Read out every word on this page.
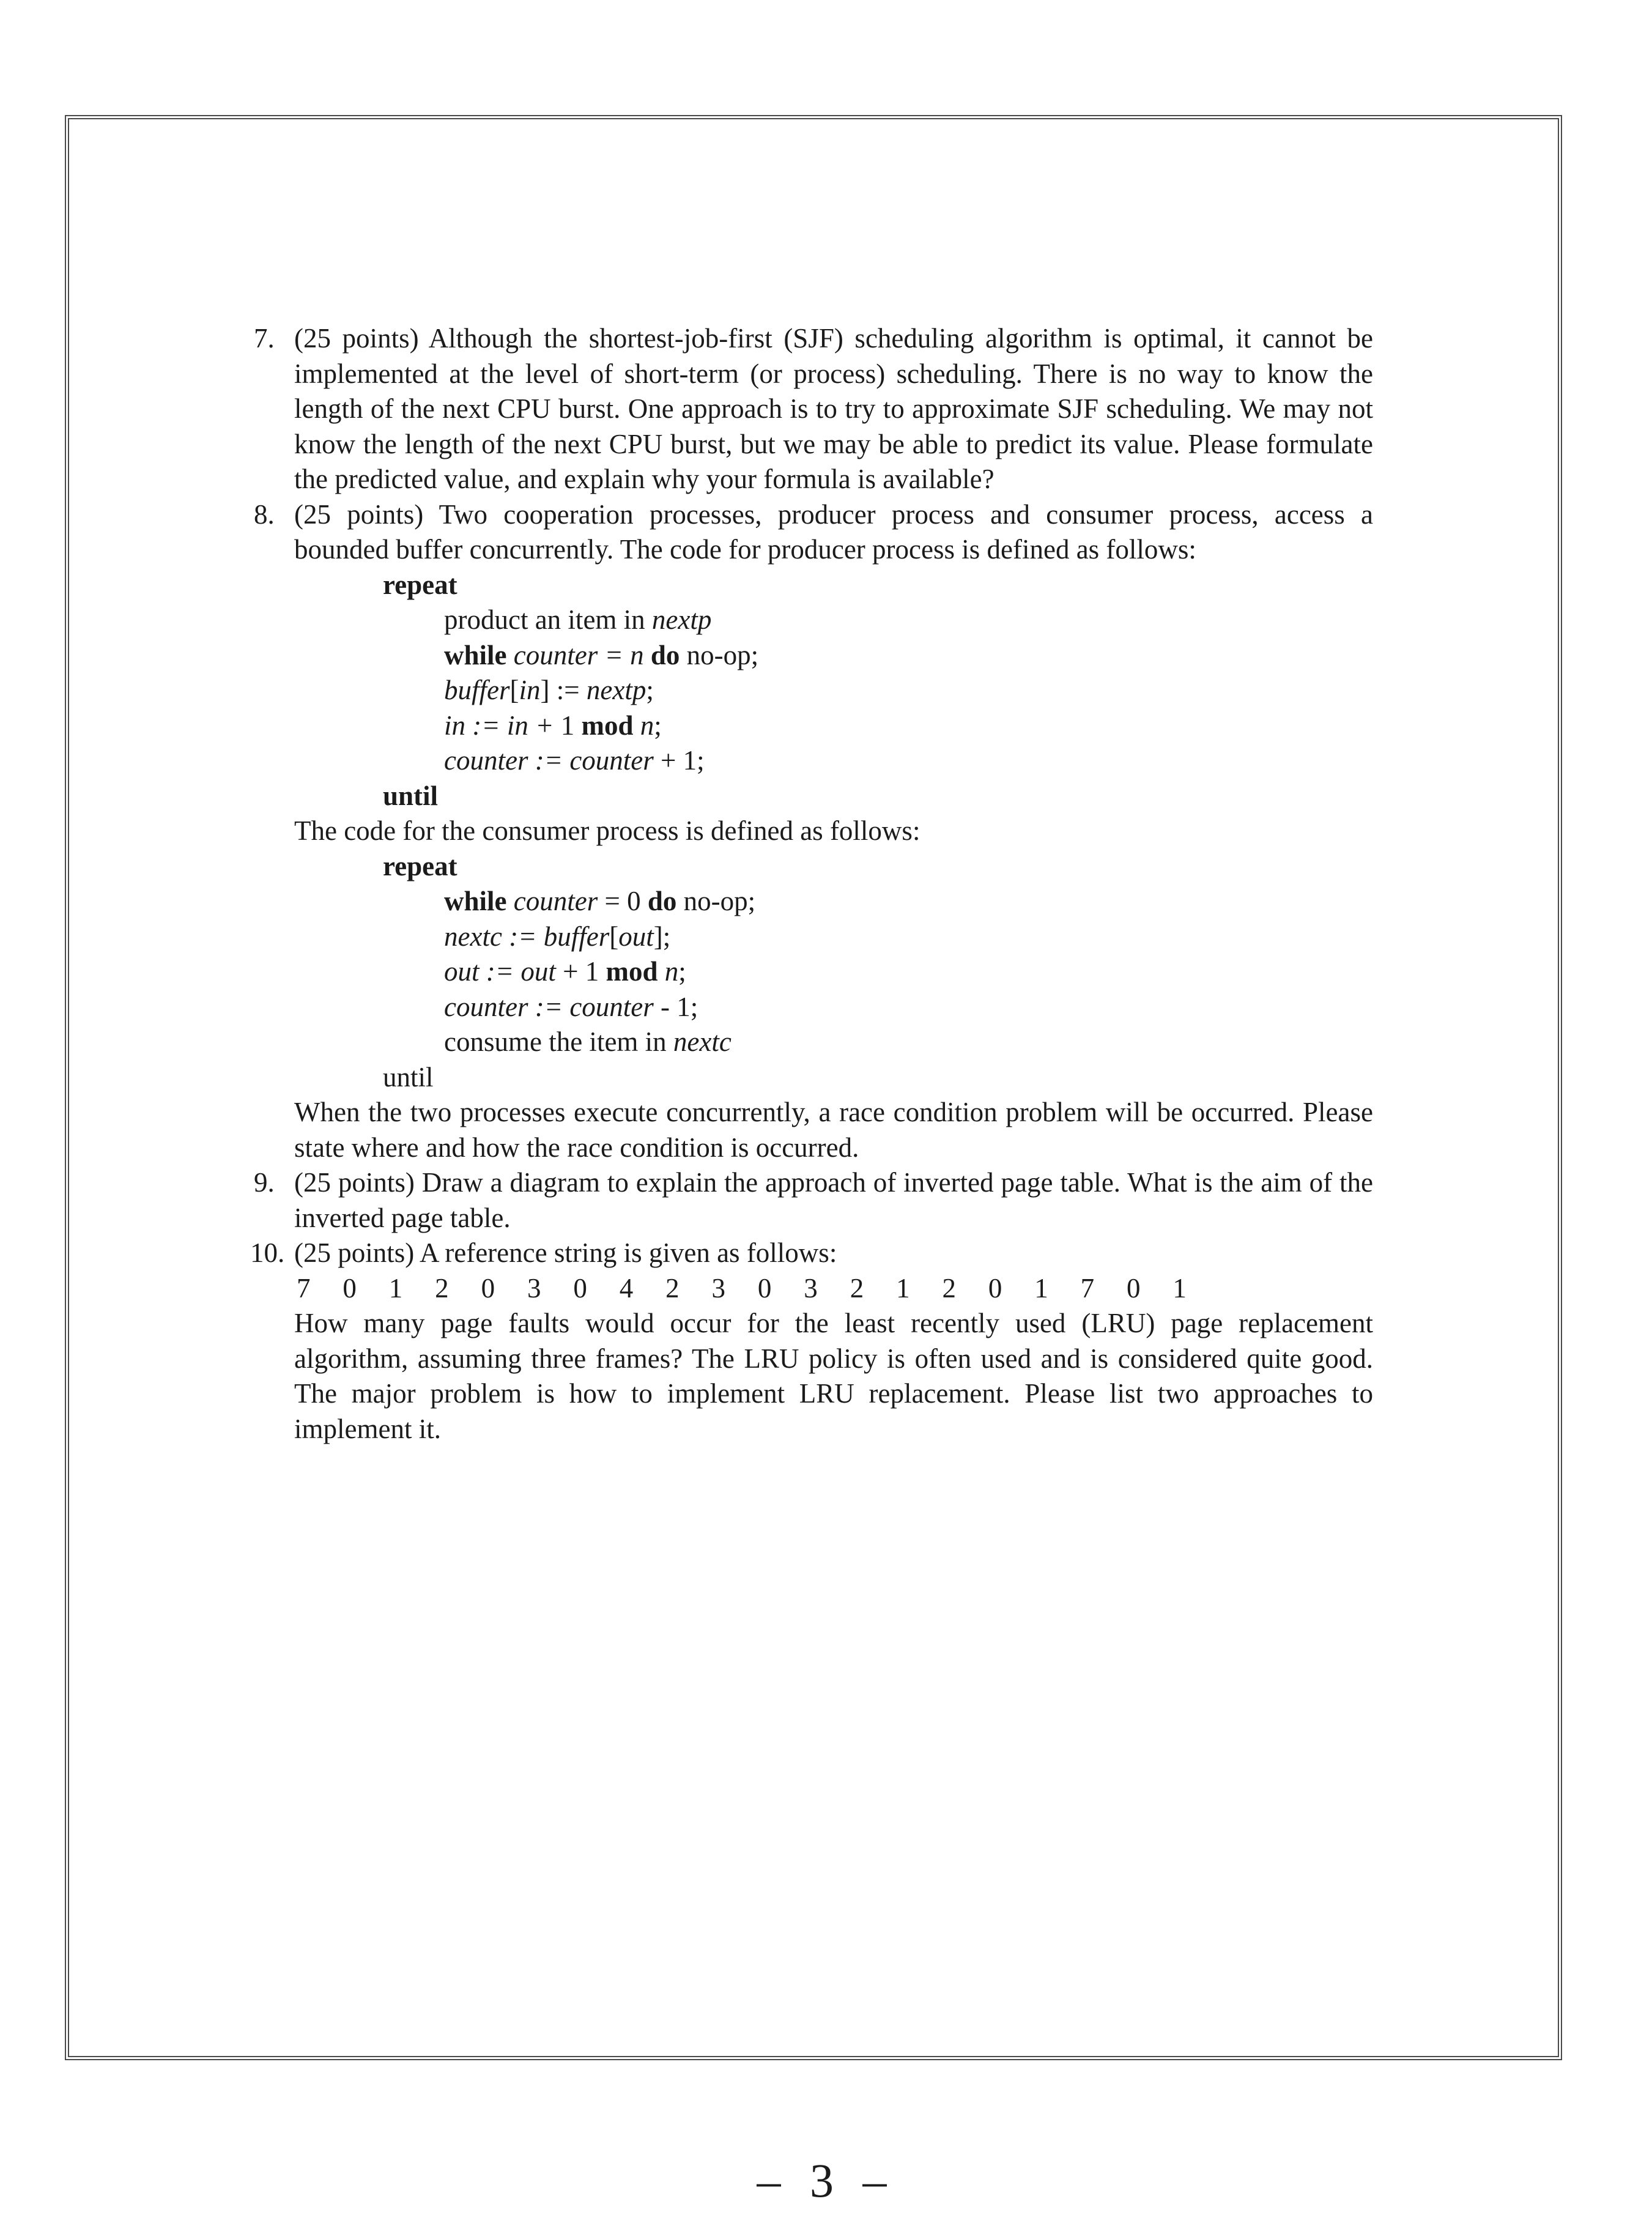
7. (25 points) Although the shortest-job-first (SJF) scheduling algorithm is optimal, it cannot be implemented at the level of short-term (or process) scheduling. There is no way to know the length of the next CPU burst. One approach is to try to approximate SJF scheduling. We may not know the length of the next CPU burst, but we may be able to predict its value. Please formulate the predicted value, and explain why your formula is available?

8. (25 points) Two cooperation processes, producer process and consumer process, access a bounded buffer concurrently. The code for producer process is defined as follows:

repeat
product an item in nextp
while counter = n do no-op;
buffer[in] := nextp;
in := in + 1 mod n;
counter := counter + 1;
until

The code for the consumer process is defined as follows:

repeat
while counter = 0 do no-op;
nextc := buffer[out];
out := out + 1 mod n;
counter := counter - 1;
consume the item in nextc
until

When the two processes execute concurrently, a race condition problem will be occurred. Please state where and how the race condition is occurred.

9. (25 points) Draw a diagram to explain the approach of inverted page table. What is the aim of the inverted page table.

10. (25 points) A reference string is given as follows:

7 0 1 2 0 3 0 4 2 3 0 3 2 1 2 0 1 7 0 1

How many page faults would occur for the least recently used (LRU) page replacement algorithm, assuming three frames? The LRU policy is often used and is considered quite good. The major problem is how to implement LRU replacement. Please list two approaches to implement it.

– 3 –
